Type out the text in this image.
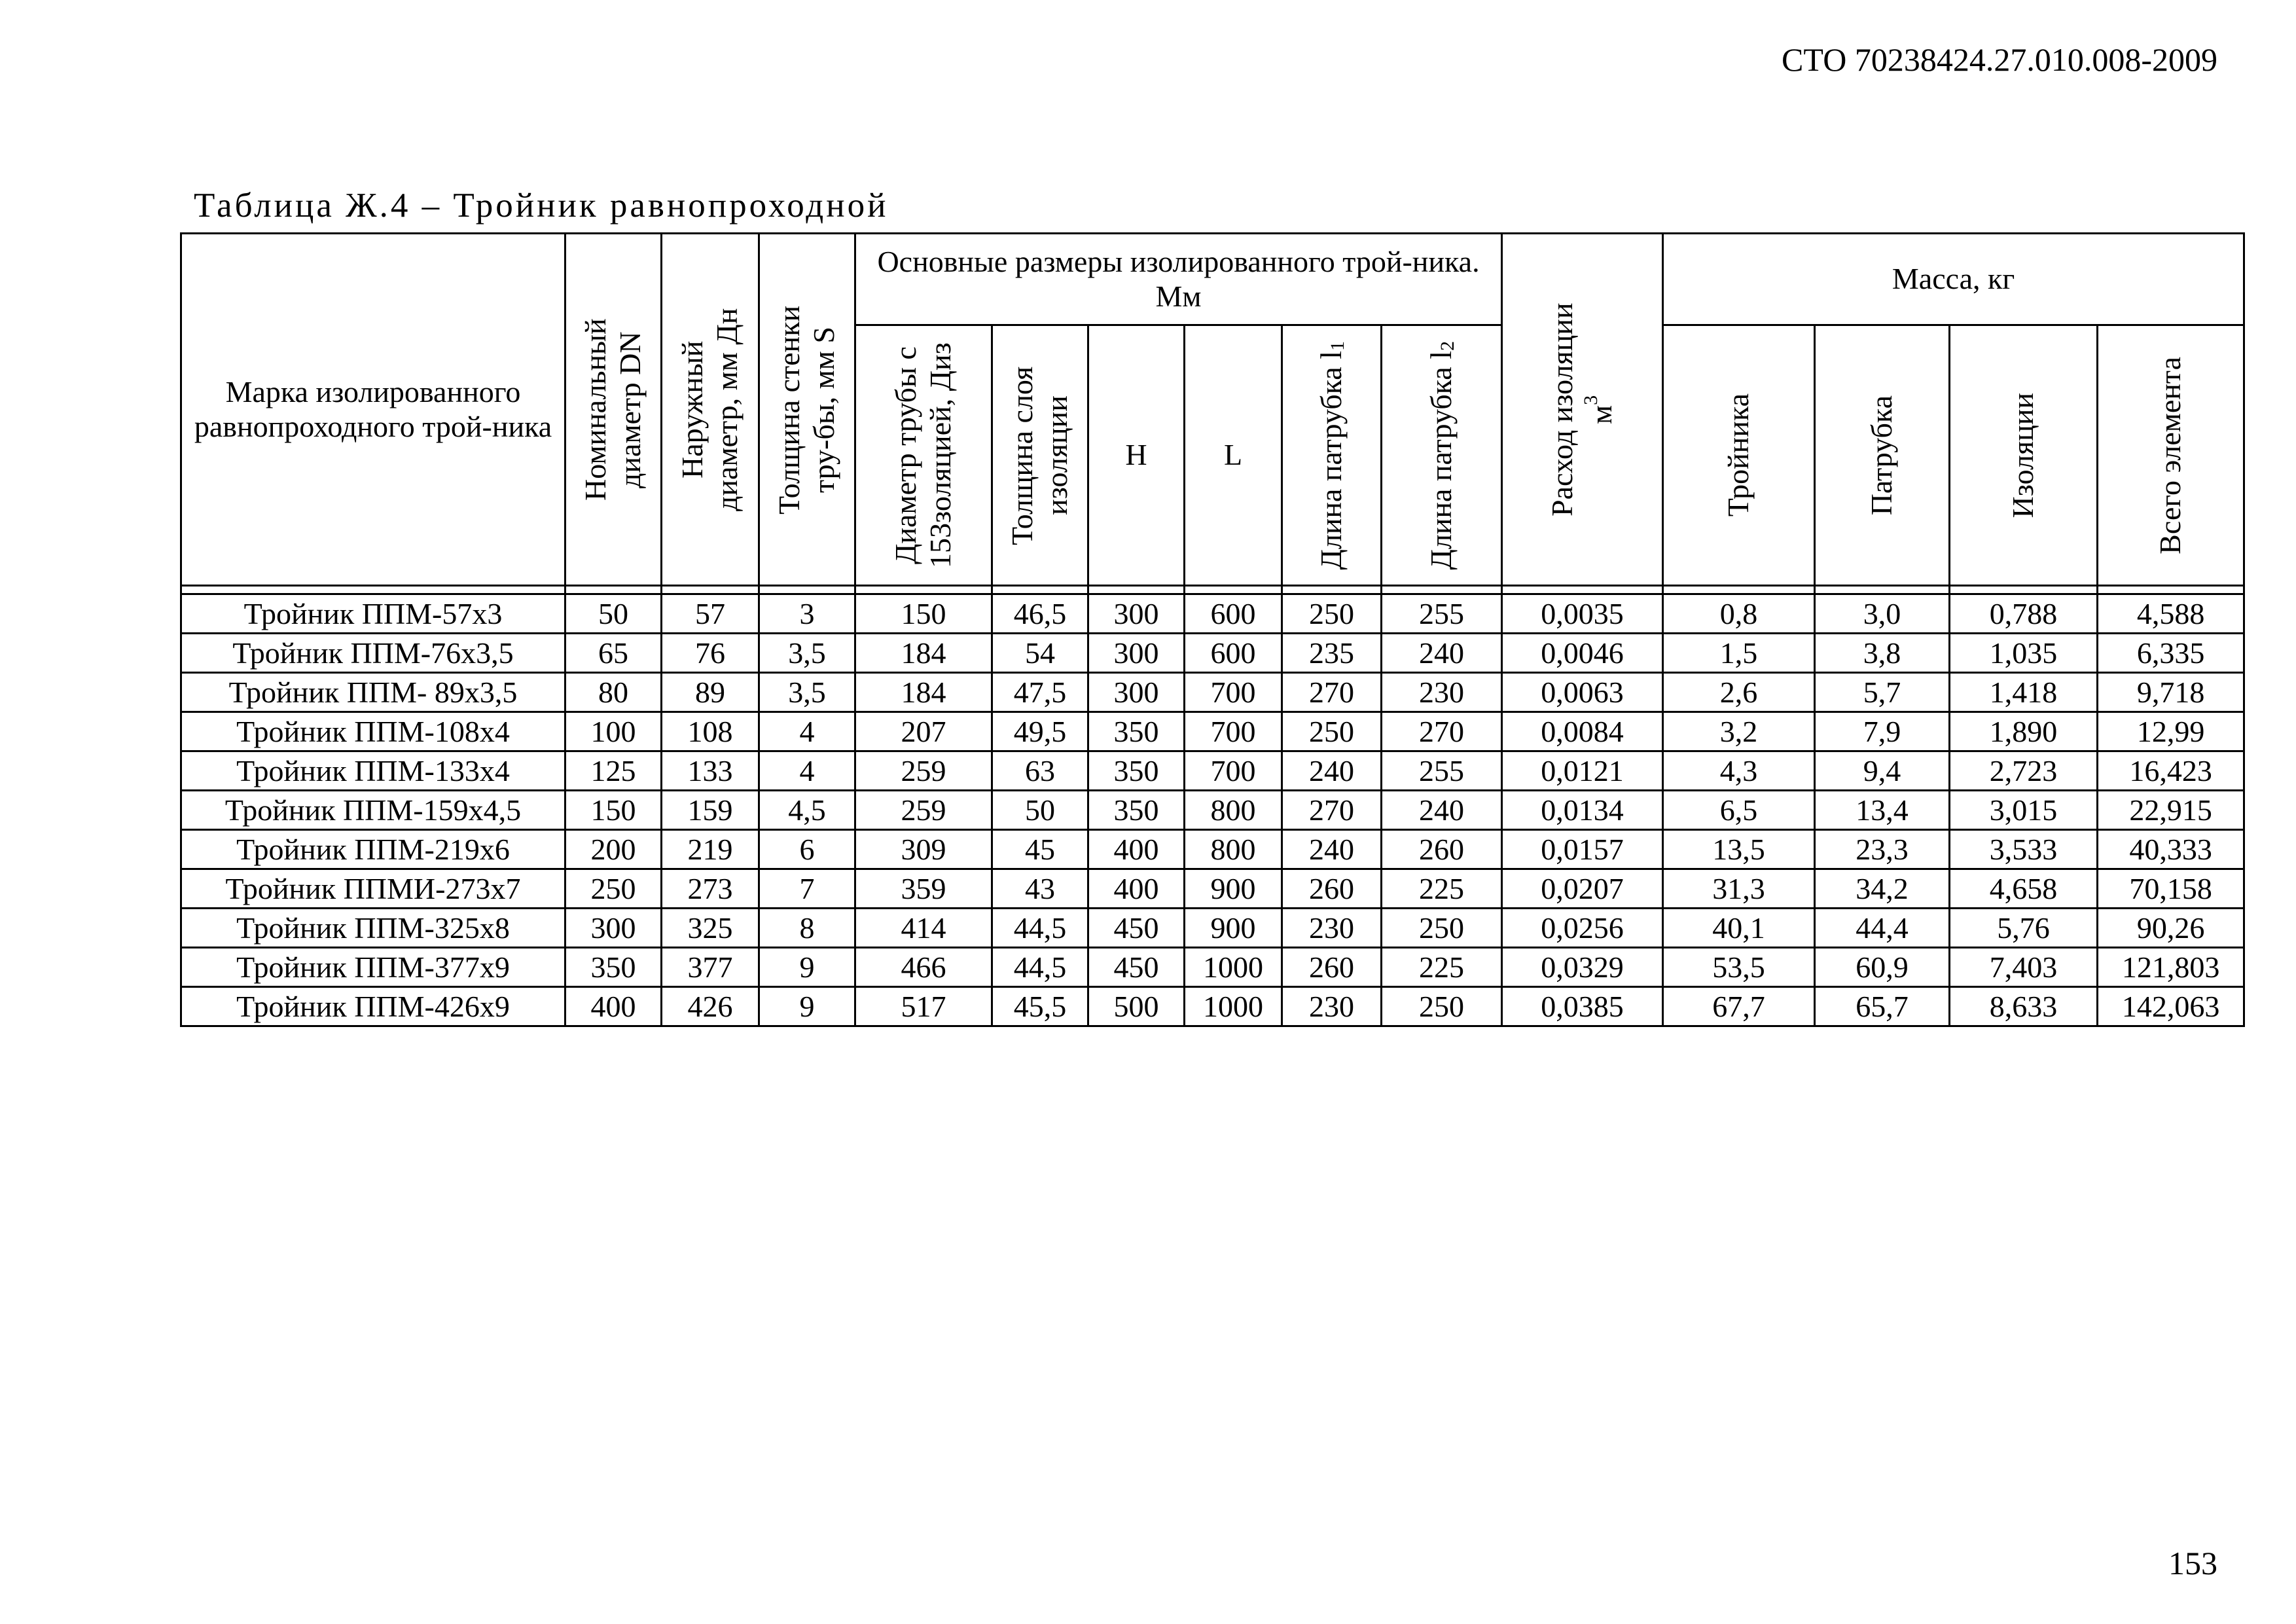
СТО 70238424.27.010.008-2009
Таблица Ж.4 – Тройник равнопроходной
Марка изолированного равнопроходного трой-ника	Номинальный диаметр DN	Наружный диаметр, мм Дн	Толщина стенки тру-бы, мм S	Основные размеры изолированного трой-ника. Мм						Расход изоляции $м^3$	Масса, кг			

				Диаметр трубы с 153золяцией, Диз	Толщина слоя изоляции	H	L	Длина патрубка $l_1$	Длина патрубка $l_2$		Тройника	Патрубка	Изоляции	Всего элемента

Тройник ППМ-57х3	50	57	3	150	46,5	300	600	250	255	0,0035	0,8	3,0	0,788	4,588
Тройник ППМ-76х3,5	65	76	3,5	184	54	300	600	235	240	0,0046	1,5	3,8	1,035	6,335
Тройник ППМ- 89х3,5	80	89	3,5	184	47,5	300	700	270	230	0,0063	2,6	5,7	1,418	9,718
Тройник ППМ-108х4	100	108	4	207	49,5	350	700	250	270	0,0084	3,2	7,9	1,890	12,99
Тройник ППМ-133х4	125	133	4	259	63	350	700	240	255	0,0121	4,3	9,4	2,723	16,423
Тройник ППМ-159х4,5	150	159	4,5	259	50	350	800	270	240	0,0134	6,5	13,4	3,015	22,915
Тройник ППМ-219х6	200	219	6	309	45	400	800	240	260	0,0157	13,5	23,3	3,533	40,333
Тройник ППМИ-273х7	250	273	7	359	43	400	900	260	225	0,0207	31,3	34,2	4,658	70,158
Тройник ППМ-325х8	300	325	8	414	44,5	450	900	230	250	0,0256	40,1	44,4	5,76	90,26
Тройник ППМ-377х9	350	377	9	466	44,5	450	1000	260	225	0,0329	53,5	60,9	7,403	121,803
Тройник ППМ-426х9	400	426	9	517	45,5	500	1000	230	250	0,0385	67,7	65,7	8,633	142,063
153
